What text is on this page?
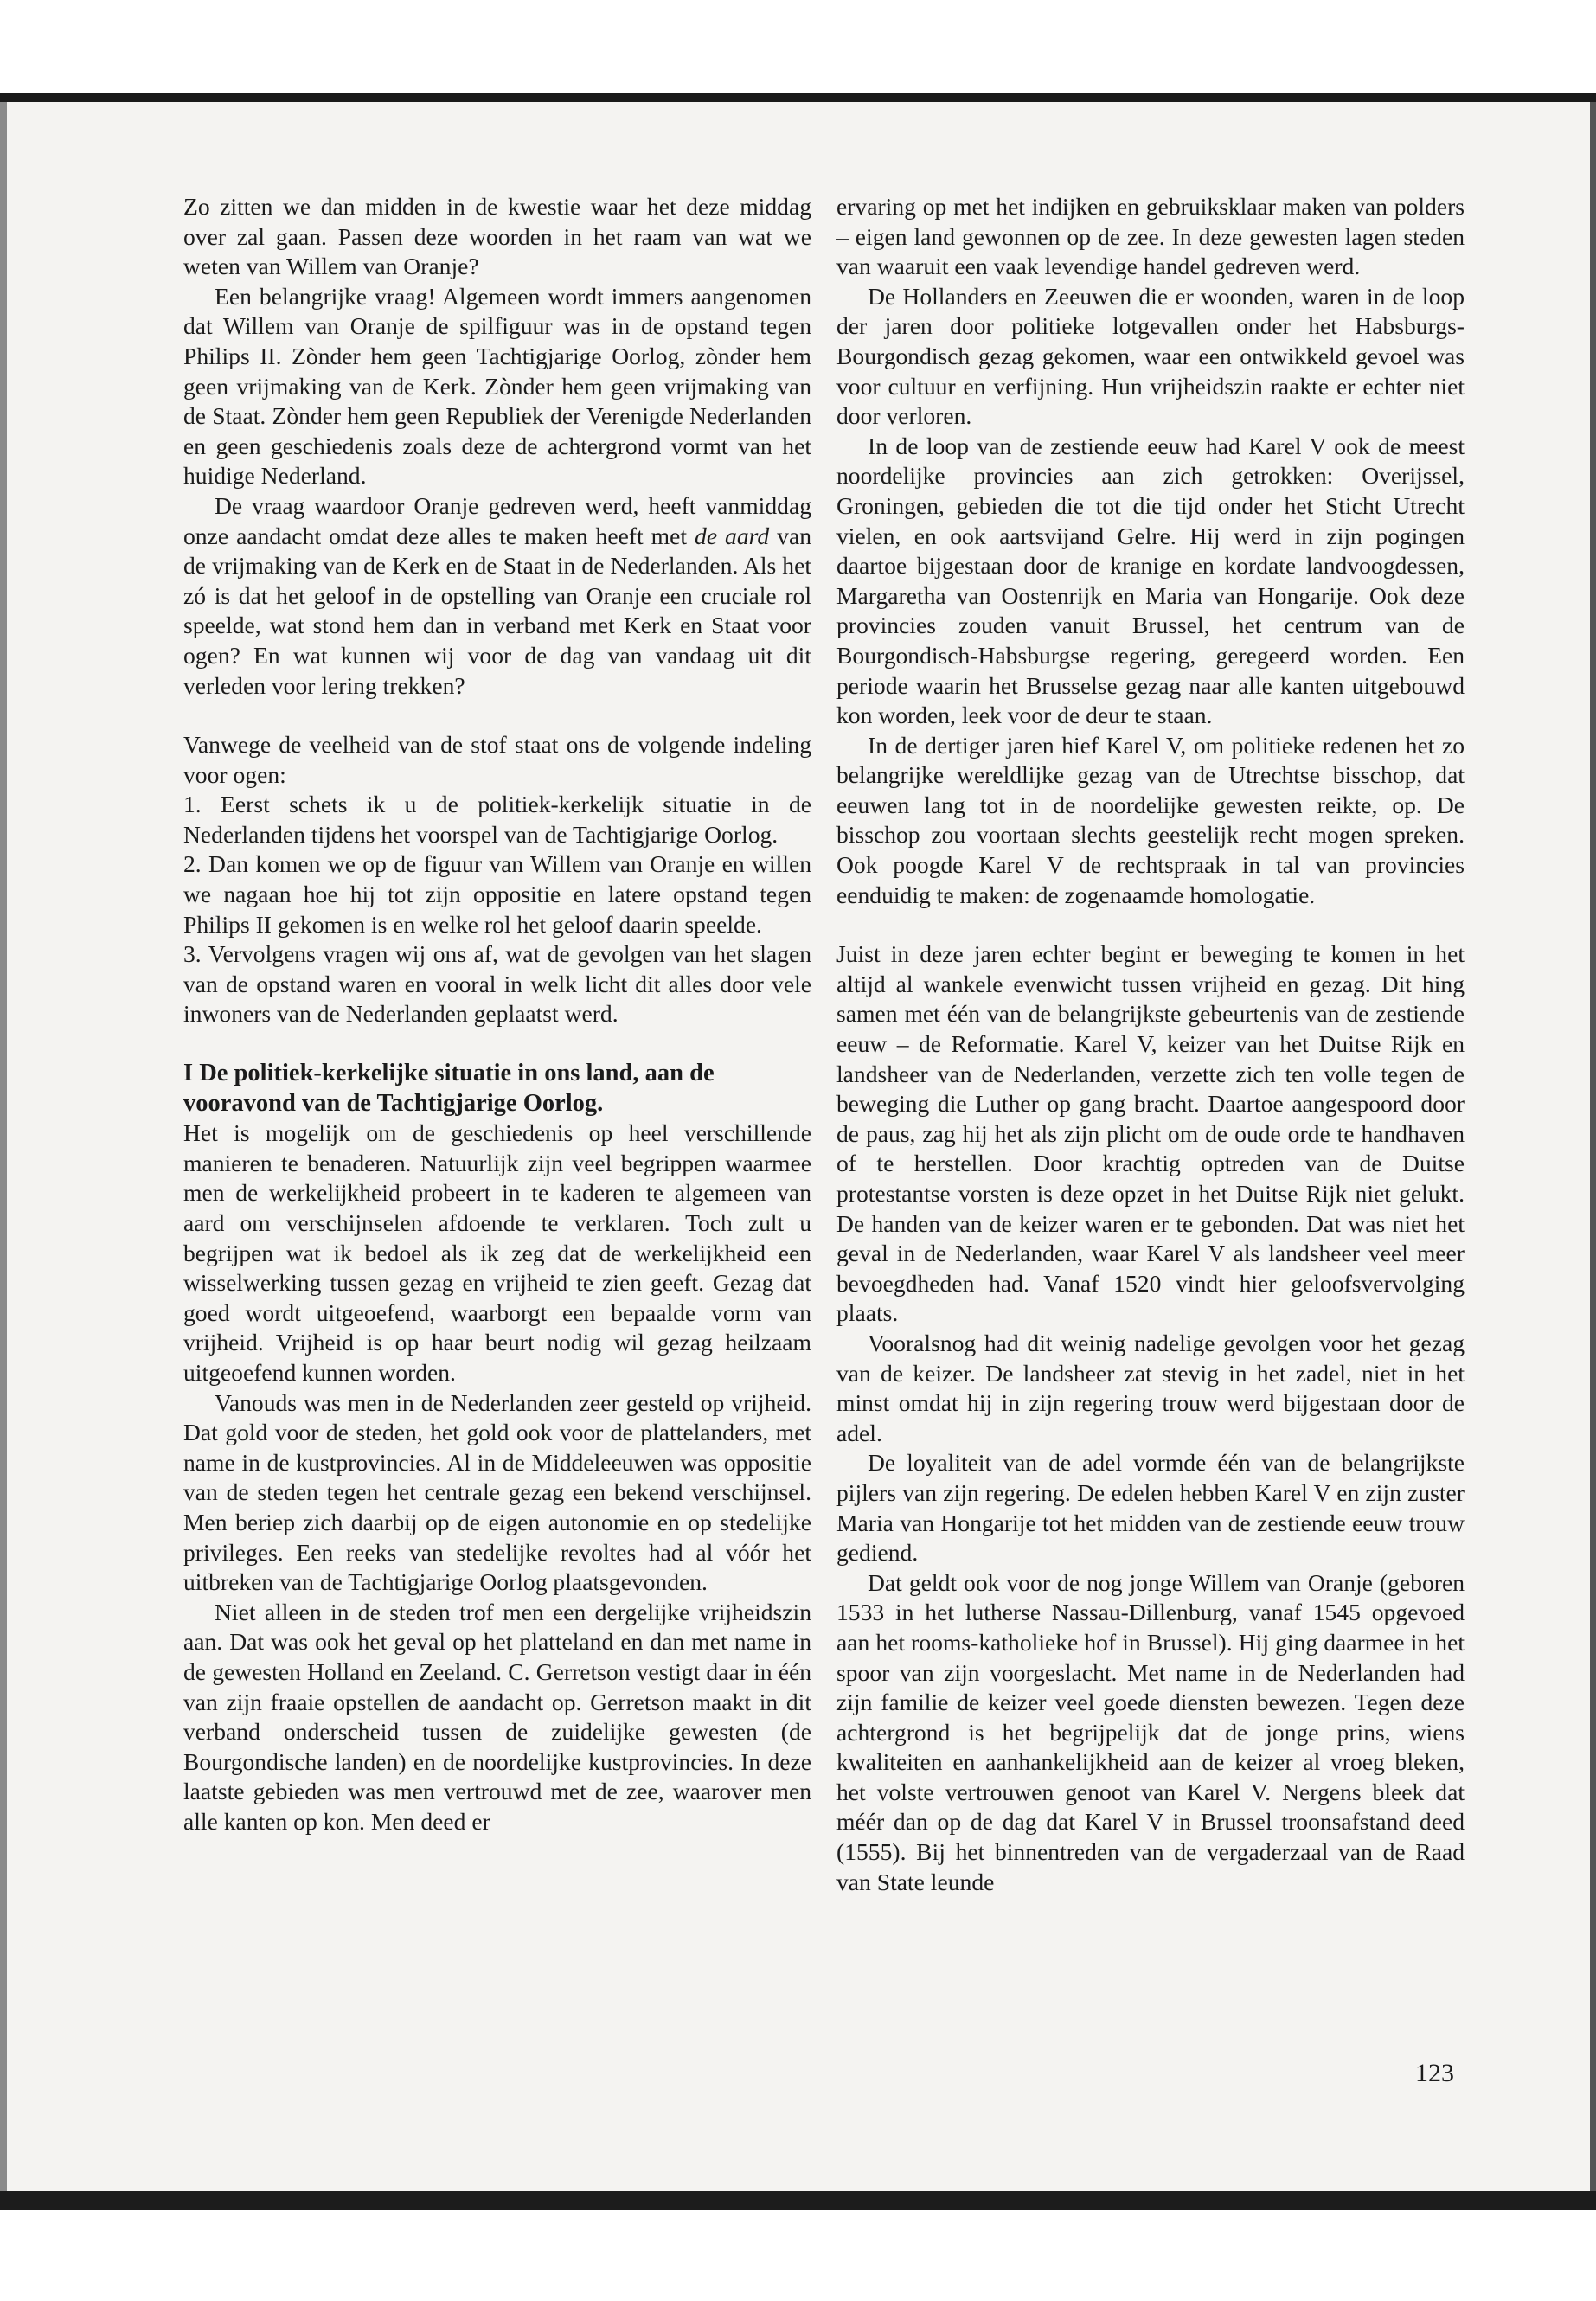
Zo zitten we dan midden in de kwestie waar het deze middag over zal gaan. Passen deze woorden in het raam van wat we weten van Willem van Oranje?

Een belangrijke vraag! Algemeen wordt immers aangenomen dat Willem van Oranje de spilfiguur was in de opstand tegen Philips II. Zònder hem geen Tachtigjarige Oorlog, zònder hem geen vrijmaking van de Kerk. Zònder hem geen vrijmaking van de Staat. Zònder hem geen Republiek der Verenigde Nederlanden en geen geschiedenis zoals deze de achtergrond vormt van het huidige Nederland.

De vraag waardoor Oranje gedreven werd, heeft vanmiddag onze aandacht omdat deze alles te maken heeft met de aard van de vrijmaking van de Kerk en de Staat in de Nederlanden. Als het zó is dat het geloof in de opstelling van Oranje een cruciale rol speelde, wat stond hem dan in verband met Kerk en Staat voor ogen? En wat kunnen wij voor de dag van vandaag uit dit verleden voor lering trekken?

Vanwege de veelheid van de stof staat ons de volgende indeling voor ogen:

1. Eerst schets ik u de politiek-kerkelijk situatie in de Nederlanden tijdens het voorspel van de Tachtigjarige Oorlog.

2. Dan komen we op de figuur van Willem van Oranje en willen we nagaan hoe hij tot zijn oppositie en latere opstand tegen Philips II gekomen is en welke rol het geloof daarin speelde.

3. Vervolgens vragen wij ons af, wat de gevolgen van het slagen van de opstand waren en vooral in welk licht dit alles door vele inwoners van de Nederlanden geplaatst werd.

I De politiek-kerkelijke situatie in ons land, aan de vooravond van de Tachtigjarige Oorlog.

Het is mogelijk om de geschiedenis op heel verschillende manieren te benaderen. Natuurlijk zijn veel begrippen waarmee men de werkelijkheid probeert in te kaderen te algemeen van aard om verschijnselen afdoende te verklaren. Toch zult u begrijpen wat ik bedoel als ik zeg dat de werkelijkheid een wisselwerking tussen gezag en vrijheid te zien geeft. Gezag dat goed wordt uitgeoefend, waarborgt een bepaalde vorm van vrijheid. Vrijheid is op haar beurt nodig wil gezag heilzaam uitgeoefend kunnen worden.

Vanouds was men in de Nederlanden zeer gesteld op vrijheid. Dat gold voor de steden, het gold ook voor de plattelanders, met name in de kustprovincies. Al in de Middeleeuwen was oppositie van de steden tegen het centrale gezag een bekend verschijnsel. Men beriep zich daarbij op de eigen autonomie en op stedelijke privileges. Een reeks van stedelijke revoltes had al vóór het uitbreken van de Tachtigjarige Oorlog plaatsgevonden.

Niet alleen in de steden trof men een dergelijke vrijheidszin aan. Dat was ook het geval op het platteland en dan met name in de gewesten Holland en Zeeland. C. Gerretson vestigt daar in één van zijn fraaie opstellen de aandacht op. Gerretson maakt in dit verband onderscheid tussen de zuidelijke gewesten (de Bourgondische landen) en de noordelijke kustprovincies. In deze laatste gebieden was men vertrouwd met de zee, waarover men alle kanten op kon. Men deed er

ervaring op met het indijken en gebruiksklaar maken van polders – eigen land gewonnen op de zee. In deze gewesten lagen steden van waaruit een vaak levendige handel gedreven werd.

De Hollanders en Zeeuwen die er woonden, waren in de loop der jaren door politieke lotgevallen onder het Habsburgs-Bourgondisch gezag gekomen, waar een ontwikkeld gevoel was voor cultuur en verfijning. Hun vrijheidszin raakte er echter niet door verloren.

In de loop van de zestiende eeuw had Karel V ook de meest noordelijke provincies aan zich getrokken: Overijssel, Groningen, gebieden die tot die tijd onder het Sticht Utrecht vielen, en ook aartsvijand Gelre. Hij werd in zijn pogingen daartoe bijgestaan door de kranige en kordate landvoogdessen, Margaretha van Oostenrijk en Maria van Hongarije. Ook deze provincies zouden vanuit Brussel, het centrum van de Bourgondisch-Habsburgse regering, geregeerd worden. Een periode waarin het Brusselse gezag naar alle kanten uitgebouwd kon worden, leek voor de deur te staan.

In de dertiger jaren hief Karel V, om politieke redenen het zo belangrijke wereldlijke gezag van de Utrechtse bisschop, dat eeuwen lang tot in de noordelijke gewesten reikte, op. De bisschop zou voortaan slechts geestelijk recht mogen spreken. Ook poogde Karel V de rechtspraak in tal van provincies eenduidig te maken: de zogenaamde homologatie.

Juist in deze jaren echter begint er beweging te komen in het altijd al wankele evenwicht tussen vrijheid en gezag. Dit hing samen met één van de belangrijkste gebeurtenis van de zestiende eeuw – de Reformatie. Karel V, keizer van het Duitse Rijk en landsheer van de Nederlanden, verzette zich ten volle tegen de beweging die Luther op gang bracht. Daartoe aangespoord door de paus, zag hij het als zijn plicht om de oude orde te handhaven of te herstellen. Door krachtig optreden van de Duitse protestantse vorsten is deze opzet in het Duitse Rijk niet gelukt. De handen van de keizer waren er te gebonden. Dat was niet het geval in de Nederlanden, waar Karel V als landsheer veel meer bevoegdheden had. Vanaf 1520 vindt hier geloofsvervolging plaats.

Vooralsnog had dit weinig nadelige gevolgen voor het gezag van de keizer. De landsheer zat stevig in het zadel, niet in het minst omdat hij in zijn regering trouw werd bijgestaan door de adel.

De loyaliteit van de adel vormde één van de belangrijkste pijlers van zijn regering. De edelen hebben Karel V en zijn zuster Maria van Hongarije tot het midden van de zestiende eeuw trouw gediend.

Dat geldt ook voor de nog jonge Willem van Oranje (geboren 1533 in het lutherse Nassau-Dillenburg, vanaf 1545 opgevoed aan het rooms-katholieke hof in Brussel). Hij ging daarmee in het spoor van zijn voorgeslacht. Met name in de Nederlanden had zijn familie de keizer veel goede diensten bewezen. Tegen deze achtergrond is het begrijpelijk dat de jonge prins, wiens kwaliteiten en aanhankelijkheid aan de keizer al vroeg bleken, het volste vertrouwen genoot van Karel V. Nergens bleek dat méér dan op de dag dat Karel V in Brussel troonsafstand deed (1555). Bij het binnentreden van de vergaderzaal van de Raad van State leunde

123
